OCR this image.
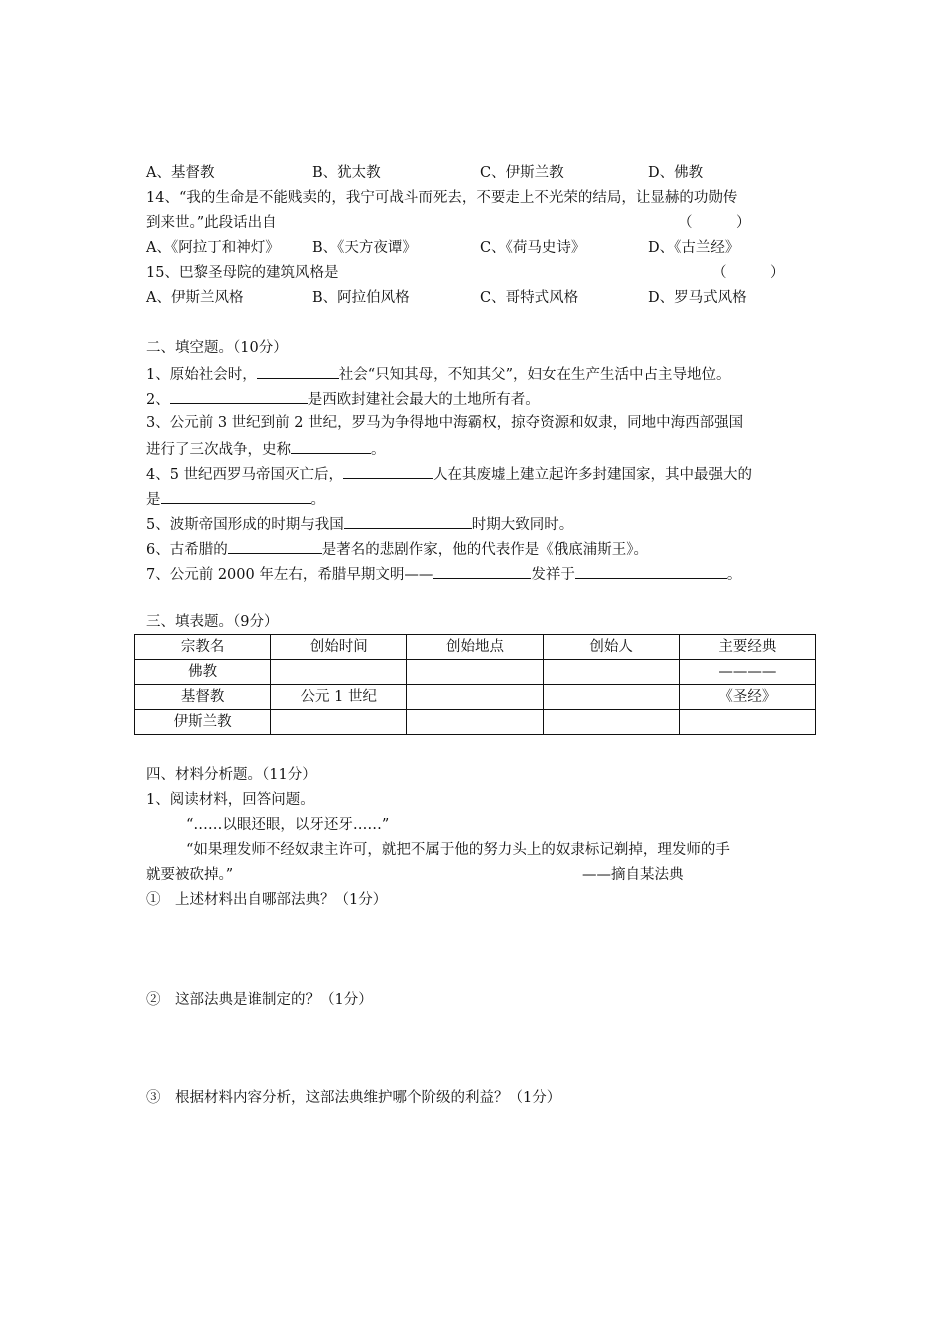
A、基督教	B、犹太教	C、伊斯兰教	D、佛教
14、“我的生命是不能贱卖的，我宁可战斗而死去，不要走上不光荣的结局，让显赫的功勋传
到来世。”此段话出自	（　　　）
A、《阿拉丁和神灯》 B、《天方夜谭》	C、《荷马史诗》	D、《古兰经》
15、巴黎圣母院的建筑风格是	（　　　）
A、伊斯兰风格	B、阿拉伯风格	C、哥特式风格	D、罗马式风格
二、填空题。（10分）
1、原始社会时，	社会“只知其母，不知其父”，妇女在生产生活中占主导地位。
2、	是西欧封建社会最大的土地所有者。
3、公元前 3 世纪到前 2 世纪，罗马为争得地中海霸权，掠夺资源和奴隶，同地中海西部强国
进行了三次战争，史称	。
4、5 世纪西罗马帝国灭亡后，	人在其废墟上建立起许多封建国家，其中最强大的
是	。
5、波斯帝国形成的时期与我国	时期大致同时。
6、古希腊的	是著名的悲剧作家，他的代表作是《俄底浦斯王》。
7、公元前 2000 年左右，希腊早期文明——	发祥于	。
三、填表题。（9分）
宗教名	创始时间	创始地点	创始人	主要经典
佛教				————
基督教	公元 1 世纪			《圣经》
伊斯兰教				
四、材料分析题。（11分）
1、阅读材料，回答问题。
“……以眼还眼，以牙还牙……”
“如果理发师不经奴隶主许可，就把不属于他的努力头上的奴隶标记剃掉，理发师的手
就要被砍掉。”	——摘自某法典
①　上述材料出自哪部法典？（1分）
②　这部法典是谁制定的？（1分）
③　根据材料内容分析，这部法典维护哪个阶级的利益？（1分）
